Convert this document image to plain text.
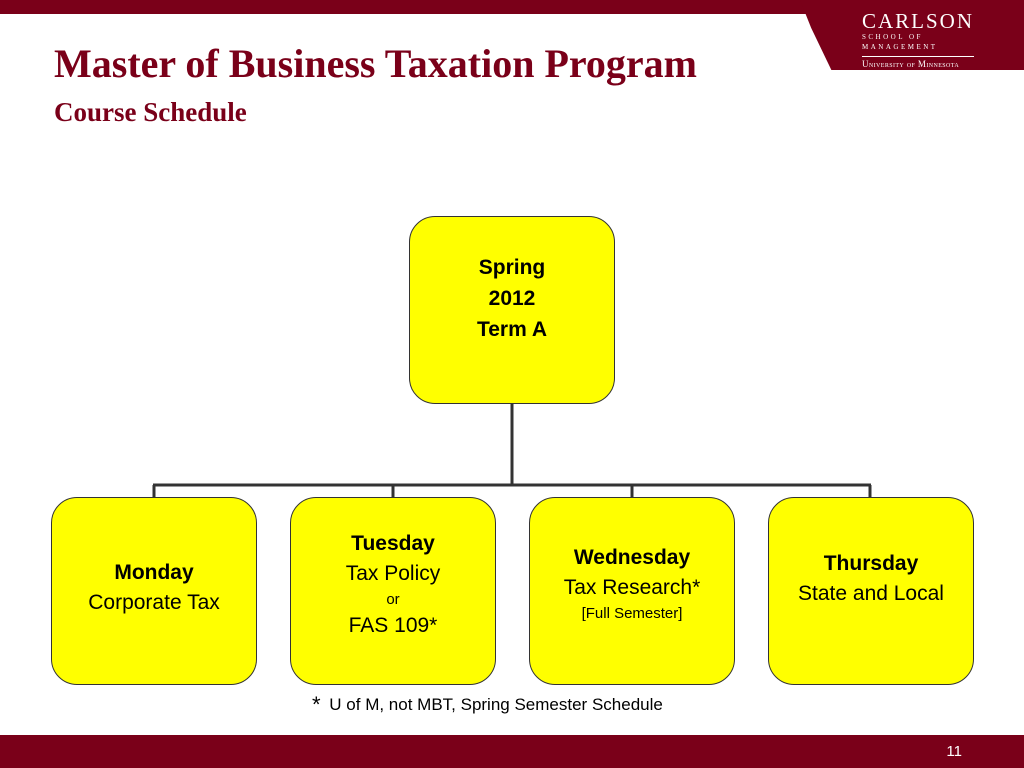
CARLSON
SCHOOL OF MANAGEMENT
University of Minnesota
Master of Business Taxation Program
Course Schedule
Spring
2012
Term A
Monday
Corporate Tax
Tuesday
Tax Policy
or
FAS 109*
Wednesday
Tax Research*
[Full Semester]
Thursday
State and Local
* U of M, not MBT, Spring Semester Schedule
11
